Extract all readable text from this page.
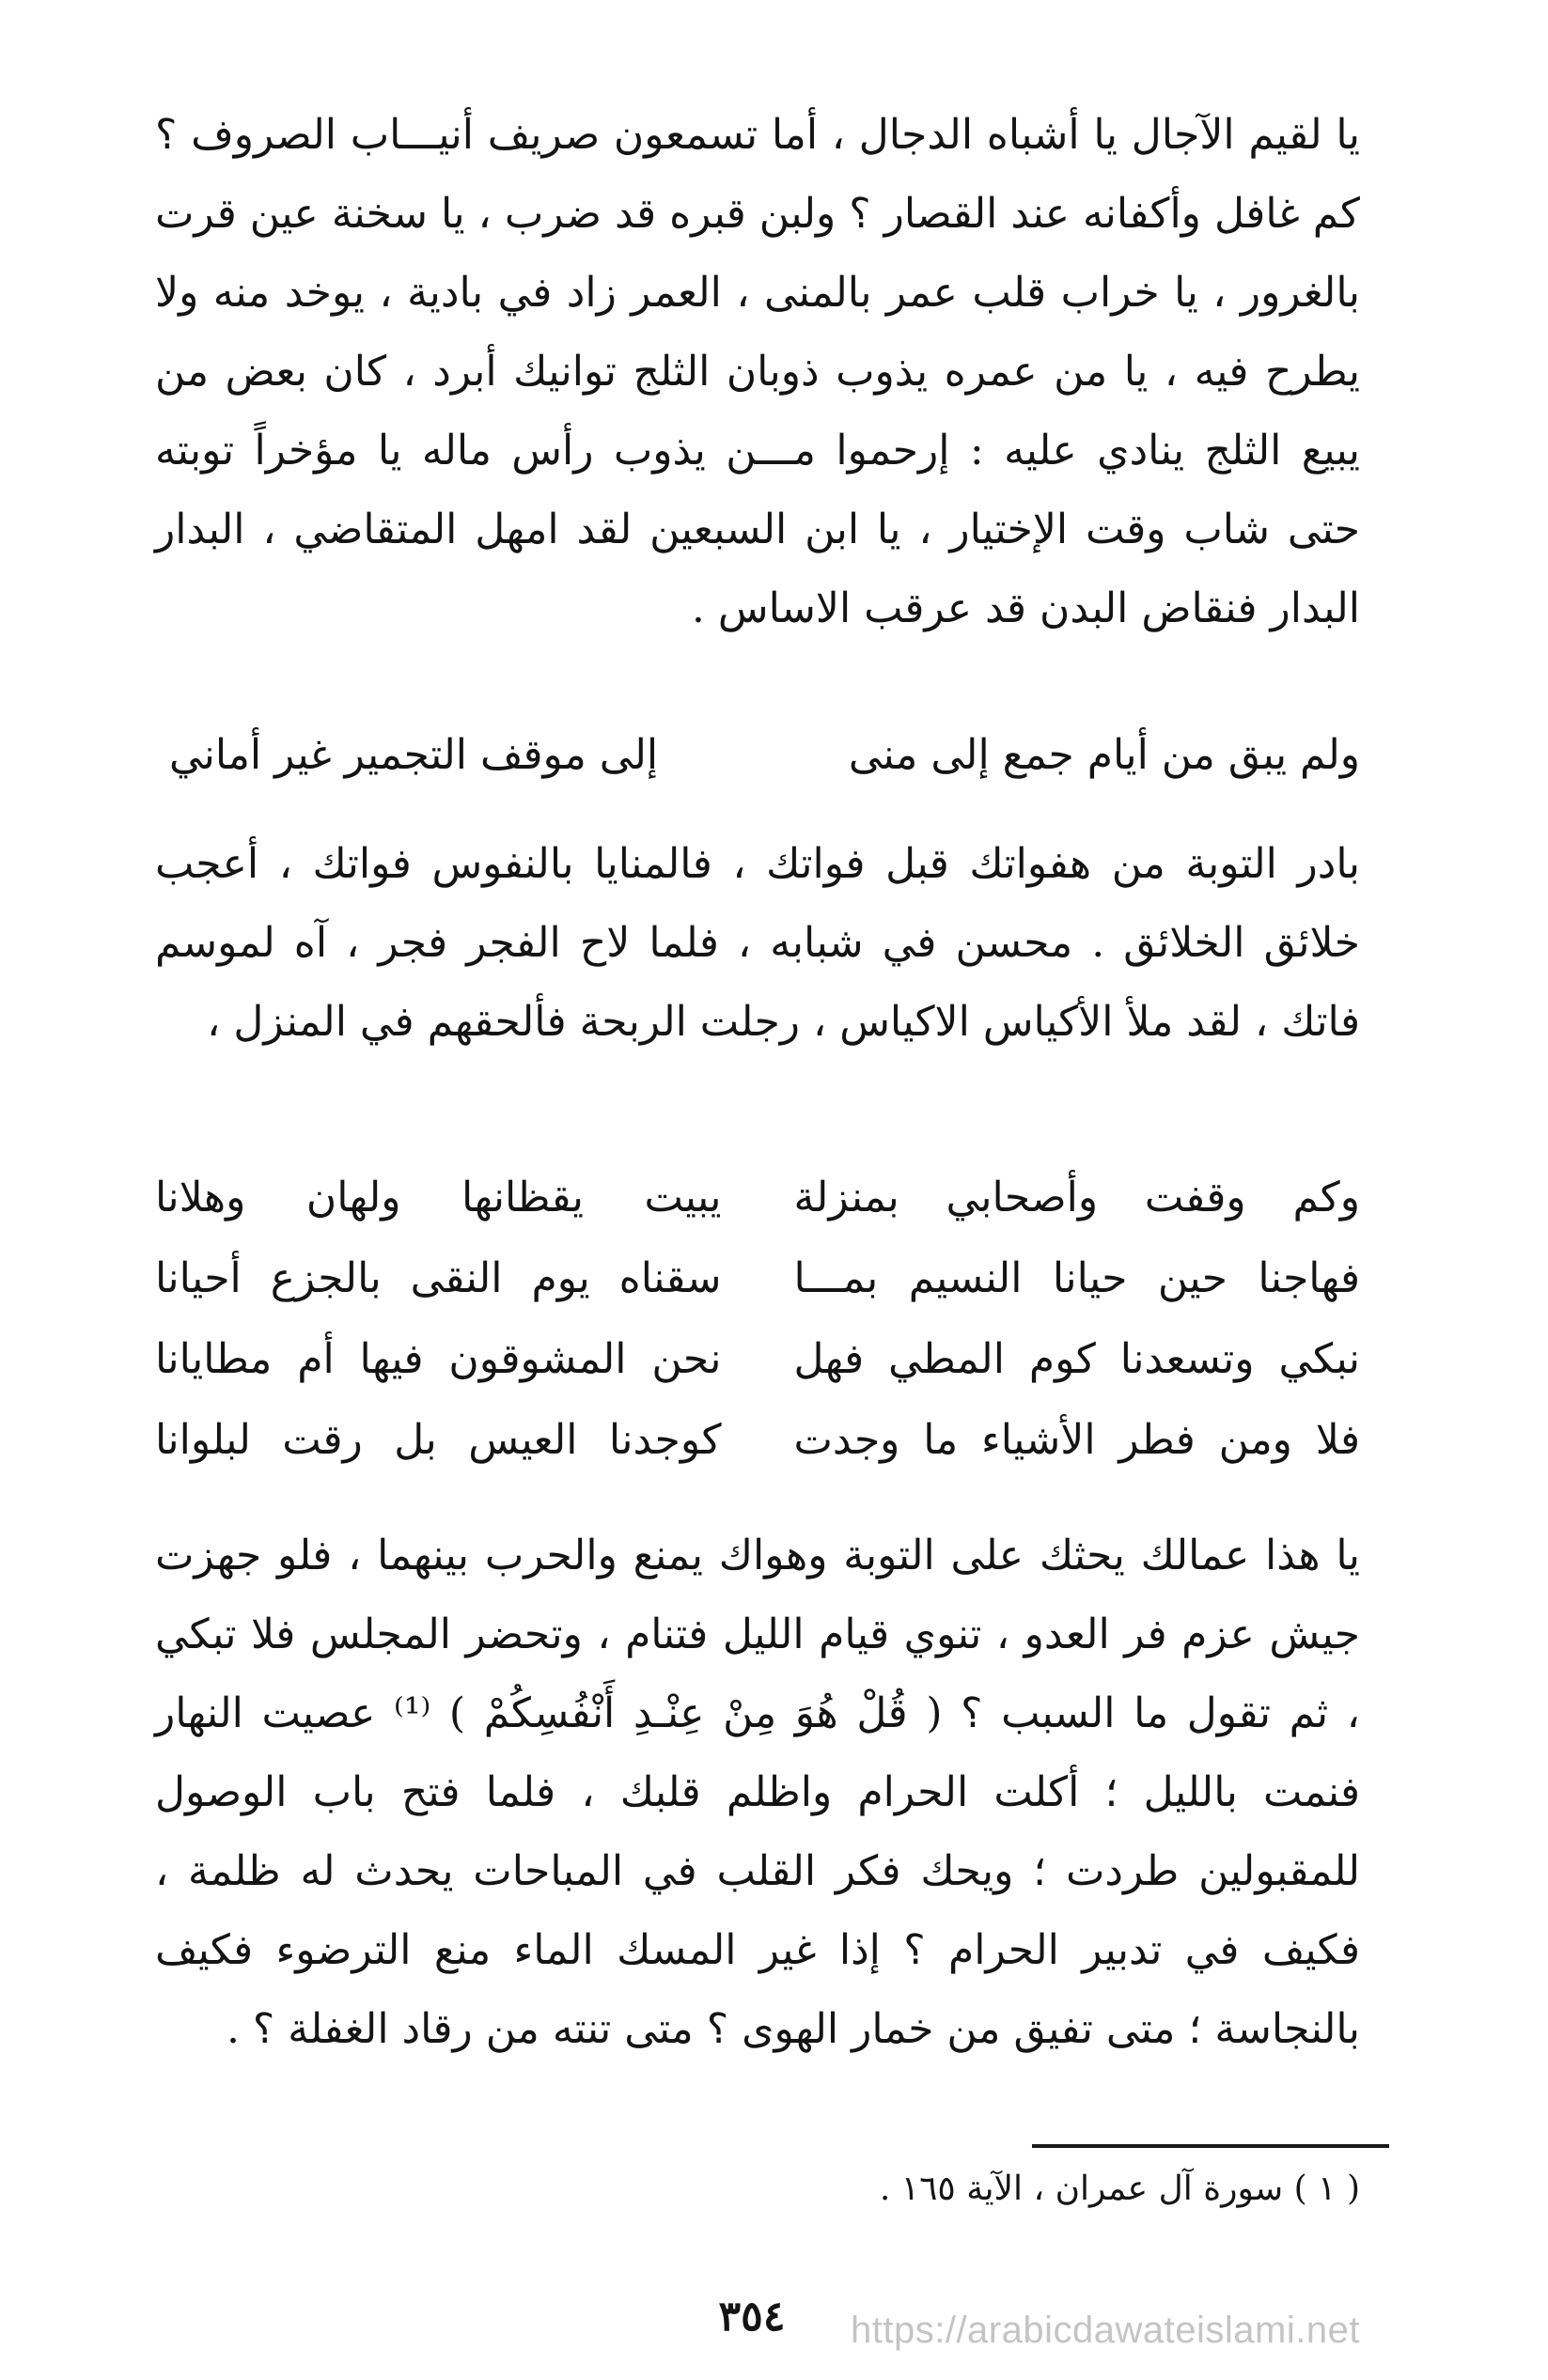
يا لقيم الآجال يا أشباه الدجال ، أما تسمعون صريف أنيـــاب الصروف ؟ كم غافل وأكفانه عند القصار ؟ ولبن قبره قد ضرب ، يا سخنة عين قرت بالغرور ، يا خراب قلب عمر بالمنى ، العمر زاد في بادية ، يوخد منه ولا يطرح فيه ، يا من عمره يذوب ذوبان الثلج توانيك أبرد ، كان بعض من يبيع الثلج ينادي عليه : إرحموا مـــن يذوب رأس ماله يا مؤخراً توبته حتى شاب وقت الإختيار ، يا ابن السبعين لقد امهل المتقاضي ، البدار البدار فنقاض البدن قد عرقب الاساس .

ولم يبق من أيام جمع إلى منى
إلى موقف التجمير غير أماني

بادر التوبة من هفواتك قبل فواتك ، فالمنايا بالنفوس فواتك ، أعجب خلائق الخلائق . محسن في شبابه ، فلما لاح الفجر فجر ، آه لموسم فاتك ، لقد ملأ الأكياس الاكياس ، رجلت الربحة فألحقهم في المنزل ،

وكم وقفت وأصحابي بمنزلة
يبيت يقظانها ولهان وهلانا
فهاجنا حين حيانا النسيم بمـــا
سقناه يوم النقى بالجزع أحيانا
نبكي وتسعدنا كوم المطي فهل
نحن المشوقون فيها أم مطايانا
فلا ومن فطر الأشياء ما وجدت
كوجدنا العيس بل رقت لبلوانا

يا هذا عمالك يحثك على التوبة وهواك يمنع والحرب بينهما ، فلو جهزت جيش عزم فر العدو ، تنوي قيام الليل فتنام ، وتحضر المجلس فلا تبكي ، ثم تقول ما السبب ؟ ( قُلْ هُوَ مِنْ عِنْـدِ أَنْفُسِكُمْ ) ⁽¹⁾ عصيت النهار فنمت بالليل ؛ أكلت الحرام واظلم قلبك ، فلما فتح باب الوصول للمقبولين طردت ؛ ويحك فكر القلب في المباحات يحدث له ظلمة ، فكيف في تدبير الحرام ؟ إذا غير المسك الماء منع الترضوء فكيف بالنجاسة ؛ متى تفيق من خمار الهوى ؟ متى تنته من رقاد الغفلة ؟ .

( ١ ) سورة آل عمران ، الآية ١٦٥ .
٣٥٤	https://arabicdawateislami.net
